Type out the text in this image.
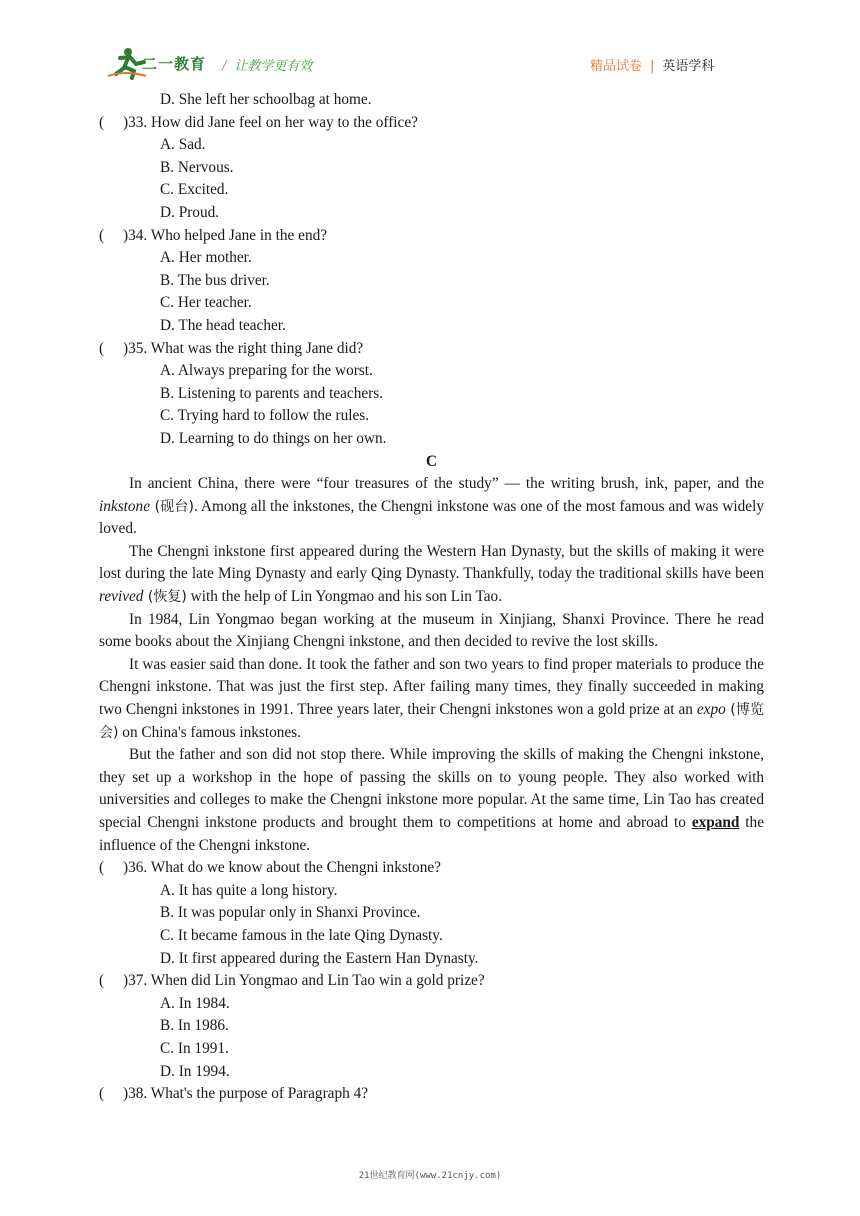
二一教育 / 让教学更有效	精品试卷 | 英语学科
D. She left her schoolbag at home.
( )33. How did Jane feel on her way to the office?
A. Sad.
B. Nervous.
C. Excited.
D. Proud.
( )34. Who helped Jane in the end?
A. Her mother.
B. The bus driver.
C. Her teacher.
D. The head teacher.
( )35. What was the right thing Jane did?
A. Always preparing for the worst.
B. Listening to parents and teachers.
C. Trying hard to follow the rules.
D. Learning to do things on her own.
C

In ancient China, there were “four treasures of the study” — the writing brush, ink, paper, and the inkstone (砚台). Among all the inkstones, the Chengni inkstone was one of the most famous and was widely loved.

The Chengni inkstone first appeared during the Western Han Dynasty, but the skills of making it were lost during the late Ming Dynasty and early Qing Dynasty. Thankfully, today the traditional skills have been revived (恢复) with the help of Lin Yongmao and his son Lin Tao.

In 1984, Lin Yongmao began working at the museum in Xinjiang, Shanxi Province. There he read some books about the Xinjiang Chengni inkstone, and then decided to revive the lost skills.

It was easier said than done. It took the father and son two years to find proper materials to produce the Chengni inkstone. That was just the first step. After failing many times, they finally succeeded in making two Chengni inkstones in 1991. Three years later, their Chengni inkstones won a gold prize at an expo (博览会) on China's famous inkstones.

But the father and son did not stop there. While improving the skills of making the Chengni inkstone, they set up a workshop in the hope of passing the skills on to young people. They also worked with universities and colleges to make the Chengni inkstone more popular. At the same time, Lin Tao has created special Chengni inkstone products and brought them to competitions at home and abroad to expand the influence of the Chengni inkstone.

( )36. What do we know about the Chengni inkstone?
A. It has quite a long history.
B. It was popular only in Shanxi Province.
C. It became famous in the late Qing Dynasty.
D. It first appeared during the Eastern Han Dynasty.
( )37. When did Lin Yongmao and Lin Tao win a gold prize?
A. In 1984.
B. In 1986.
C. In 1991.
D. In 1994.
( )38. What's the purpose of Paragraph 4?
21世纪教育网(www.21cnjy.com)
